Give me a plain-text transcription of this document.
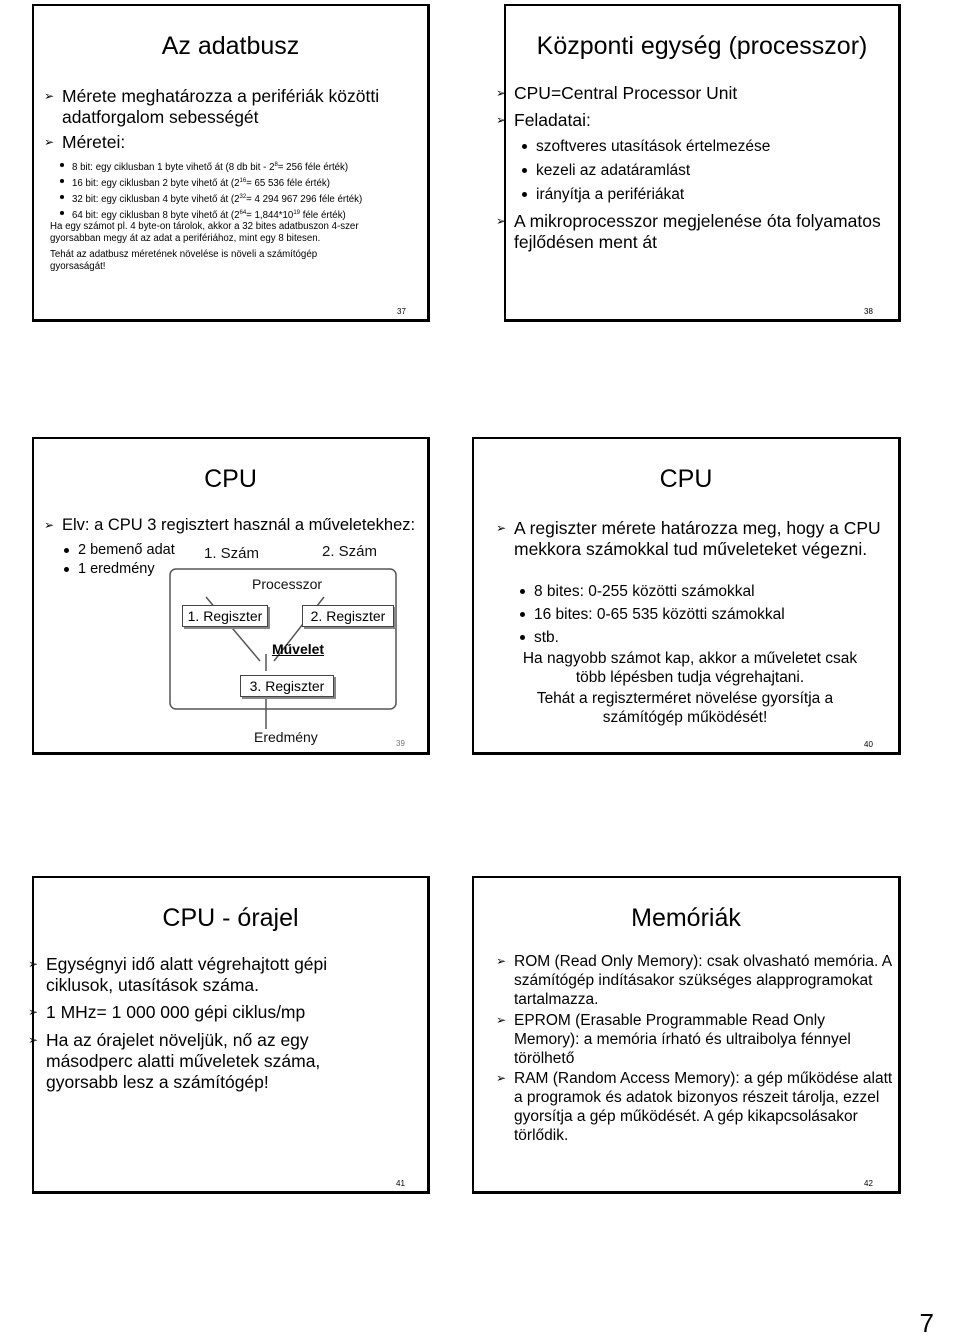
Az adatbusz
➢ Mérete meghatározza a perifériák közötti adatforgalom sebességét
➢ Méretei:
8 bit: egy ciklusban 1 byte vihető át (8 db bit - $2^8= 256$ féle érték)
16 bit: egy ciklusban 2 byte vihető át ($2^{16}= 65$ 536 féle érték)
32 bit: egy ciklusban 4 byte vihető át ($2^{32}= 4$ 294 967 296 féle érték)
64 bit: egy ciklusban 8 byte vihető át ($2^{64}= 1,844*10^{19}$ féle érték)
Ha egy számot pl. 4 byte-on tárolok, akkor a 32 bites adatbuszon 4-szer gyorsabban megy át az adat a perifériához, mint egy 8 bitesen.
Tehát az adatbusz méretének növelése is növeli a számítógép gyorsaságát!
37
Központi egység (processzor)
➢ CPU=Central Processor Unit
➢ Feladatai:
szoftveres utasítások értelmezése
kezeli az adatáramlást
irányítja a perifériákat
➢ A mikroprocesszor megjelenése óta folyamatos fejlődésen ment át
38
CPU
➢ Elv: a CPU 3 regisztert használ a műveletekhez:
2 bemenő adat
1 eredmény
1. Szám	2. Szám
Processzor
1. Regiszter	2. Regiszter
Művelet
3. Regiszter
Eredmény	39
CPU
➢ A regiszter mérete határozza meg, hogy a CPU mekkora számokkal tud műveleteket végezni.
8 bites: 0-255 közötti számokkal
16 bites: 0-65 535 közötti számokkal
stb.
Ha nagyobb számot kap, akkor a műveletet csak több lépésben tudja végrehajtani.
Tehát a regiszterméret növelése gyorsítja a számítógép működését!
40
CPU - órajel
➢ Egységnyi idő alatt végrehajtott gépi ciklusok, utasítások száma.
➢ 1 MHz= 1 000 000 gépi ciklus/mp
➢ Ha az órajelet növeljük, nő az egy másodperc alatti műveletek száma, gyorsabb lesz a számítógép!
41
Memóriák
➢ ROM (Read Only Memory): csak olvasható memória. A számítógép indításakor szükséges alapprogramokat tartalmazza.
➢ EPROM (Erasable Programmable Read Only Memory): a memória írható és ultraibolya fénnyel törölhető
➢ RAM (Random Access Memory): a gép működése alatt a programok és adatok bizonyos részeit tárolja, ezzel gyorsítja a gép működését. A gép kikapcsolásakor törlődik.
42
7
